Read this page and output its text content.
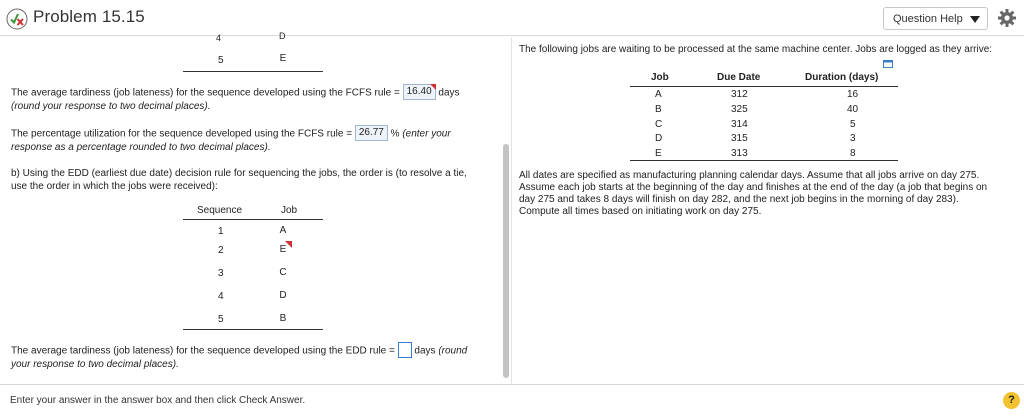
Problem 15.15	Question Help
4	D
5	E
The average tardiness (job lateness) for the sequence developed using the FCFS rule = 16.40
days
(round your response to two decimal places).
The percentage utilization for the sequence developed using the FCFS rule = 26.77 % (enter your
response as a percentage rounded to two decimal places).
b) Using the EDD (earliest due date) decision rule for sequencing the jobs, the order is (to resolve a tie,
use the order in which the jobs were received):
Sequence	Job
1	A
2	E
3	C
4	D
5	B
The average tardiness (job lateness) for the sequence developed using the EDD rule =  days (round
your response to two decimal places).
The following jobs are waiting to be processed at the same machine center. Jobs are logged as they arrive:
Job	Due Date	Duration (days)
A	312	16
B	325	40
C	314	5
D	315	3
E	313	8
All dates are specified as manufacturing planning calendar days. Assume that all jobs arrive on day 275.
Assume each job starts at the beginning of the day and finishes at the end of the day (a job that begins on
day 275 and takes 8 days will finish on day 282, and the next job begins in the morning of day 283).
Compute all times based on initiating work on day 275.
Enter your answer in the answer box and then click Check Answer.	?
